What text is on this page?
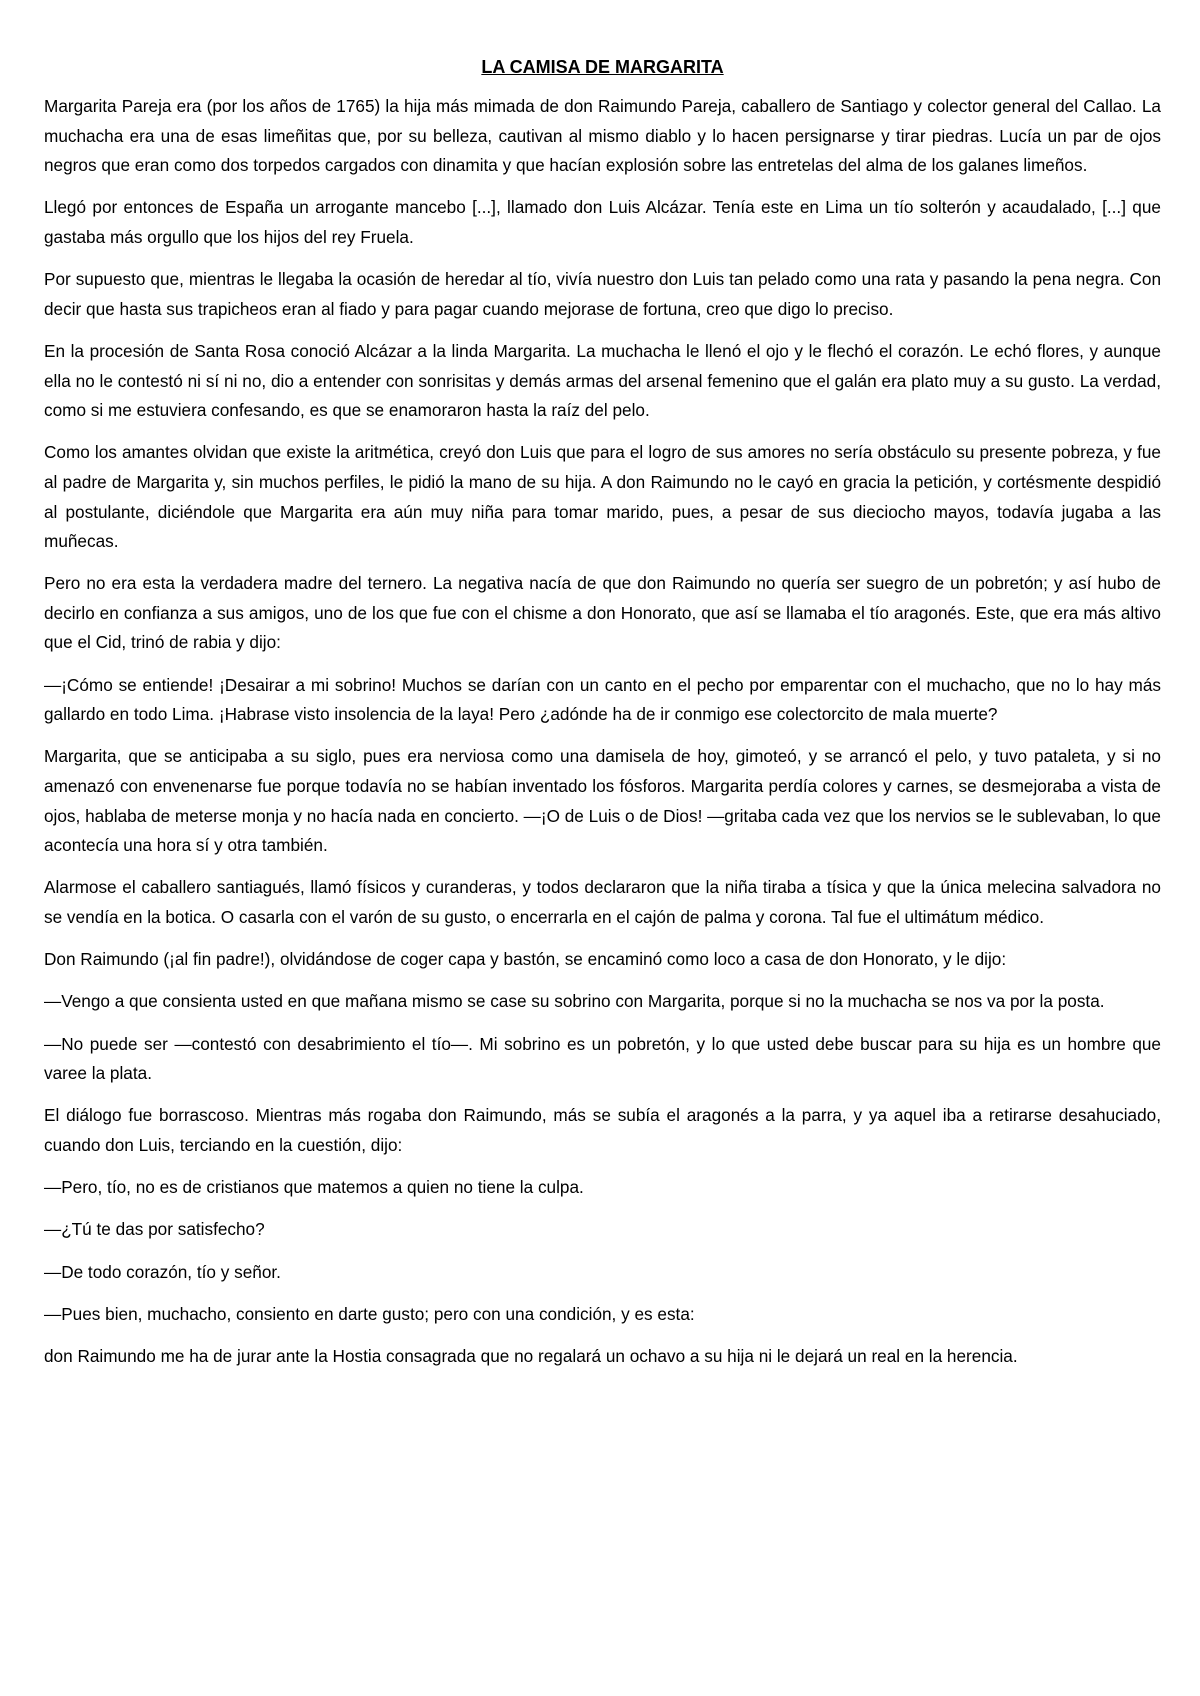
LA CAMISA DE MARGARITA

Margarita Pareja era (por los años de 1765) la hija más mimada de don Raimundo Pareja, caballero de Santiago y colector general del Callao. La muchacha era una de esas limeñitas que, por su belleza, cautivan al mismo diablo y lo hacen persignarse y tirar piedras. Lucía un par de ojos negros que eran como dos torpedos cargados con dinamita y que hacían explosión sobre las entretelas del alma de los galanes limeños.

Llegó por entonces de España un arrogante mancebo [...], llamado don Luis Alcázar. Tenía este en Lima un tío solterón y acaudalado, [...] que gastaba más orgullo que los hijos del rey Fruela.

Por supuesto que, mientras le llegaba la ocasión de heredar al tío, vivía nuestro don Luis tan pelado como una rata y pasando la pena negra. Con decir que hasta sus trapicheos eran al fiado y para pagar cuando mejorase de fortuna, creo que digo lo preciso.

En la procesión de Santa Rosa conoció Alcázar a la linda Margarita. La muchacha le llenó el ojo y le flechó el corazón. Le echó flores, y aunque ella no le contestó ni sí ni no, dio a entender con sonrisitas y demás armas del arsenal femenino que el galán era plato muy a su gusto. La verdad, como si me estuviera confesando, es que se enamoraron hasta la raíz del pelo.

Como los amantes olvidan que existe la aritmética, creyó don Luis que para el logro de sus amores no sería obstáculo su presente pobreza, y fue al padre de Margarita y, sin muchos perfiles, le pidió la mano de su hija. A don Raimundo no le cayó en gracia la petición, y cortésmente despidió al postulante, diciéndole que Margarita era aún muy niña para tomar marido, pues, a pesar de sus dieciocho mayos, todavía jugaba a las muñecas.

Pero no era esta la verdadera madre del ternero. La negativa nacía de que don Raimundo no quería ser suegro de un pobretón; y así hubo de decirlo en confianza a sus amigos, uno de los que fue con el chisme a don Honorato, que así se llamaba el tío aragonés. Este, que era más altivo que el Cid, trinó de rabia y dijo:

—¡Cómo se entiende! ¡Desairar a mi sobrino! Muchos se darían con un canto en el pecho por emparentar con el muchacho, que no lo hay más gallardo en todo Lima. ¡Habrase visto insolencia de la laya! Pero ¿adónde ha de ir conmigo ese colectorcito de mala muerte?

Margarita, que se anticipaba a su siglo, pues era nerviosa como una damisela de hoy, gimoteó, y se arrancó el pelo, y tuvo pataleta, y si no amenazó con envenenarse fue porque todavía no se habían inventado los fósforos. Margarita perdía colores y carnes, se desmejoraba a vista de ojos, hablaba de meterse monja y no hacía nada en concierto. —¡O de Luis o de Dios! —gritaba cada vez que los nervios se le sublevaban, lo que acontecía una hora sí y otra también.

Alarmose el caballero santiagués, llamó físicos y curanderas, y todos declararon que la niña tiraba a tísica y que la única melecina salvadora no se vendía en la botica. O casarla con el varón de su gusto, o encerrarla en el cajón de palma y corona. Tal fue el ultimátum médico.

Don Raimundo (¡al fin padre!), olvidándose de coger capa y bastón, se encaminó como loco a casa de don Honorato, y le dijo:

—Vengo a que consienta usted en que mañana mismo se case su sobrino con Margarita, porque si no la muchacha se nos va por la posta.

—No puede ser —contestó con desabrimiento el tío—. Mi sobrino es un pobretón, y lo que usted debe buscar para su hija es un hombre que varee la plata.

El diálogo fue borrascoso. Mientras más rogaba don Raimundo, más se subía el aragonés a la parra, y ya aquel iba a retirarse desahuciado, cuando don Luis, terciando en la cuestión, dijo:

—Pero, tío, no es de cristianos que matemos a quien no tiene la culpa.

—¿Tú te das por satisfecho?

—De todo corazón, tío y señor.

—Pues bien, muchacho, consiento en darte gusto; pero con una condición, y es esta:

don Raimundo me ha de jurar ante la Hostia consagrada que no regalará un ochavo a su hija ni le dejará un real en la herencia.
